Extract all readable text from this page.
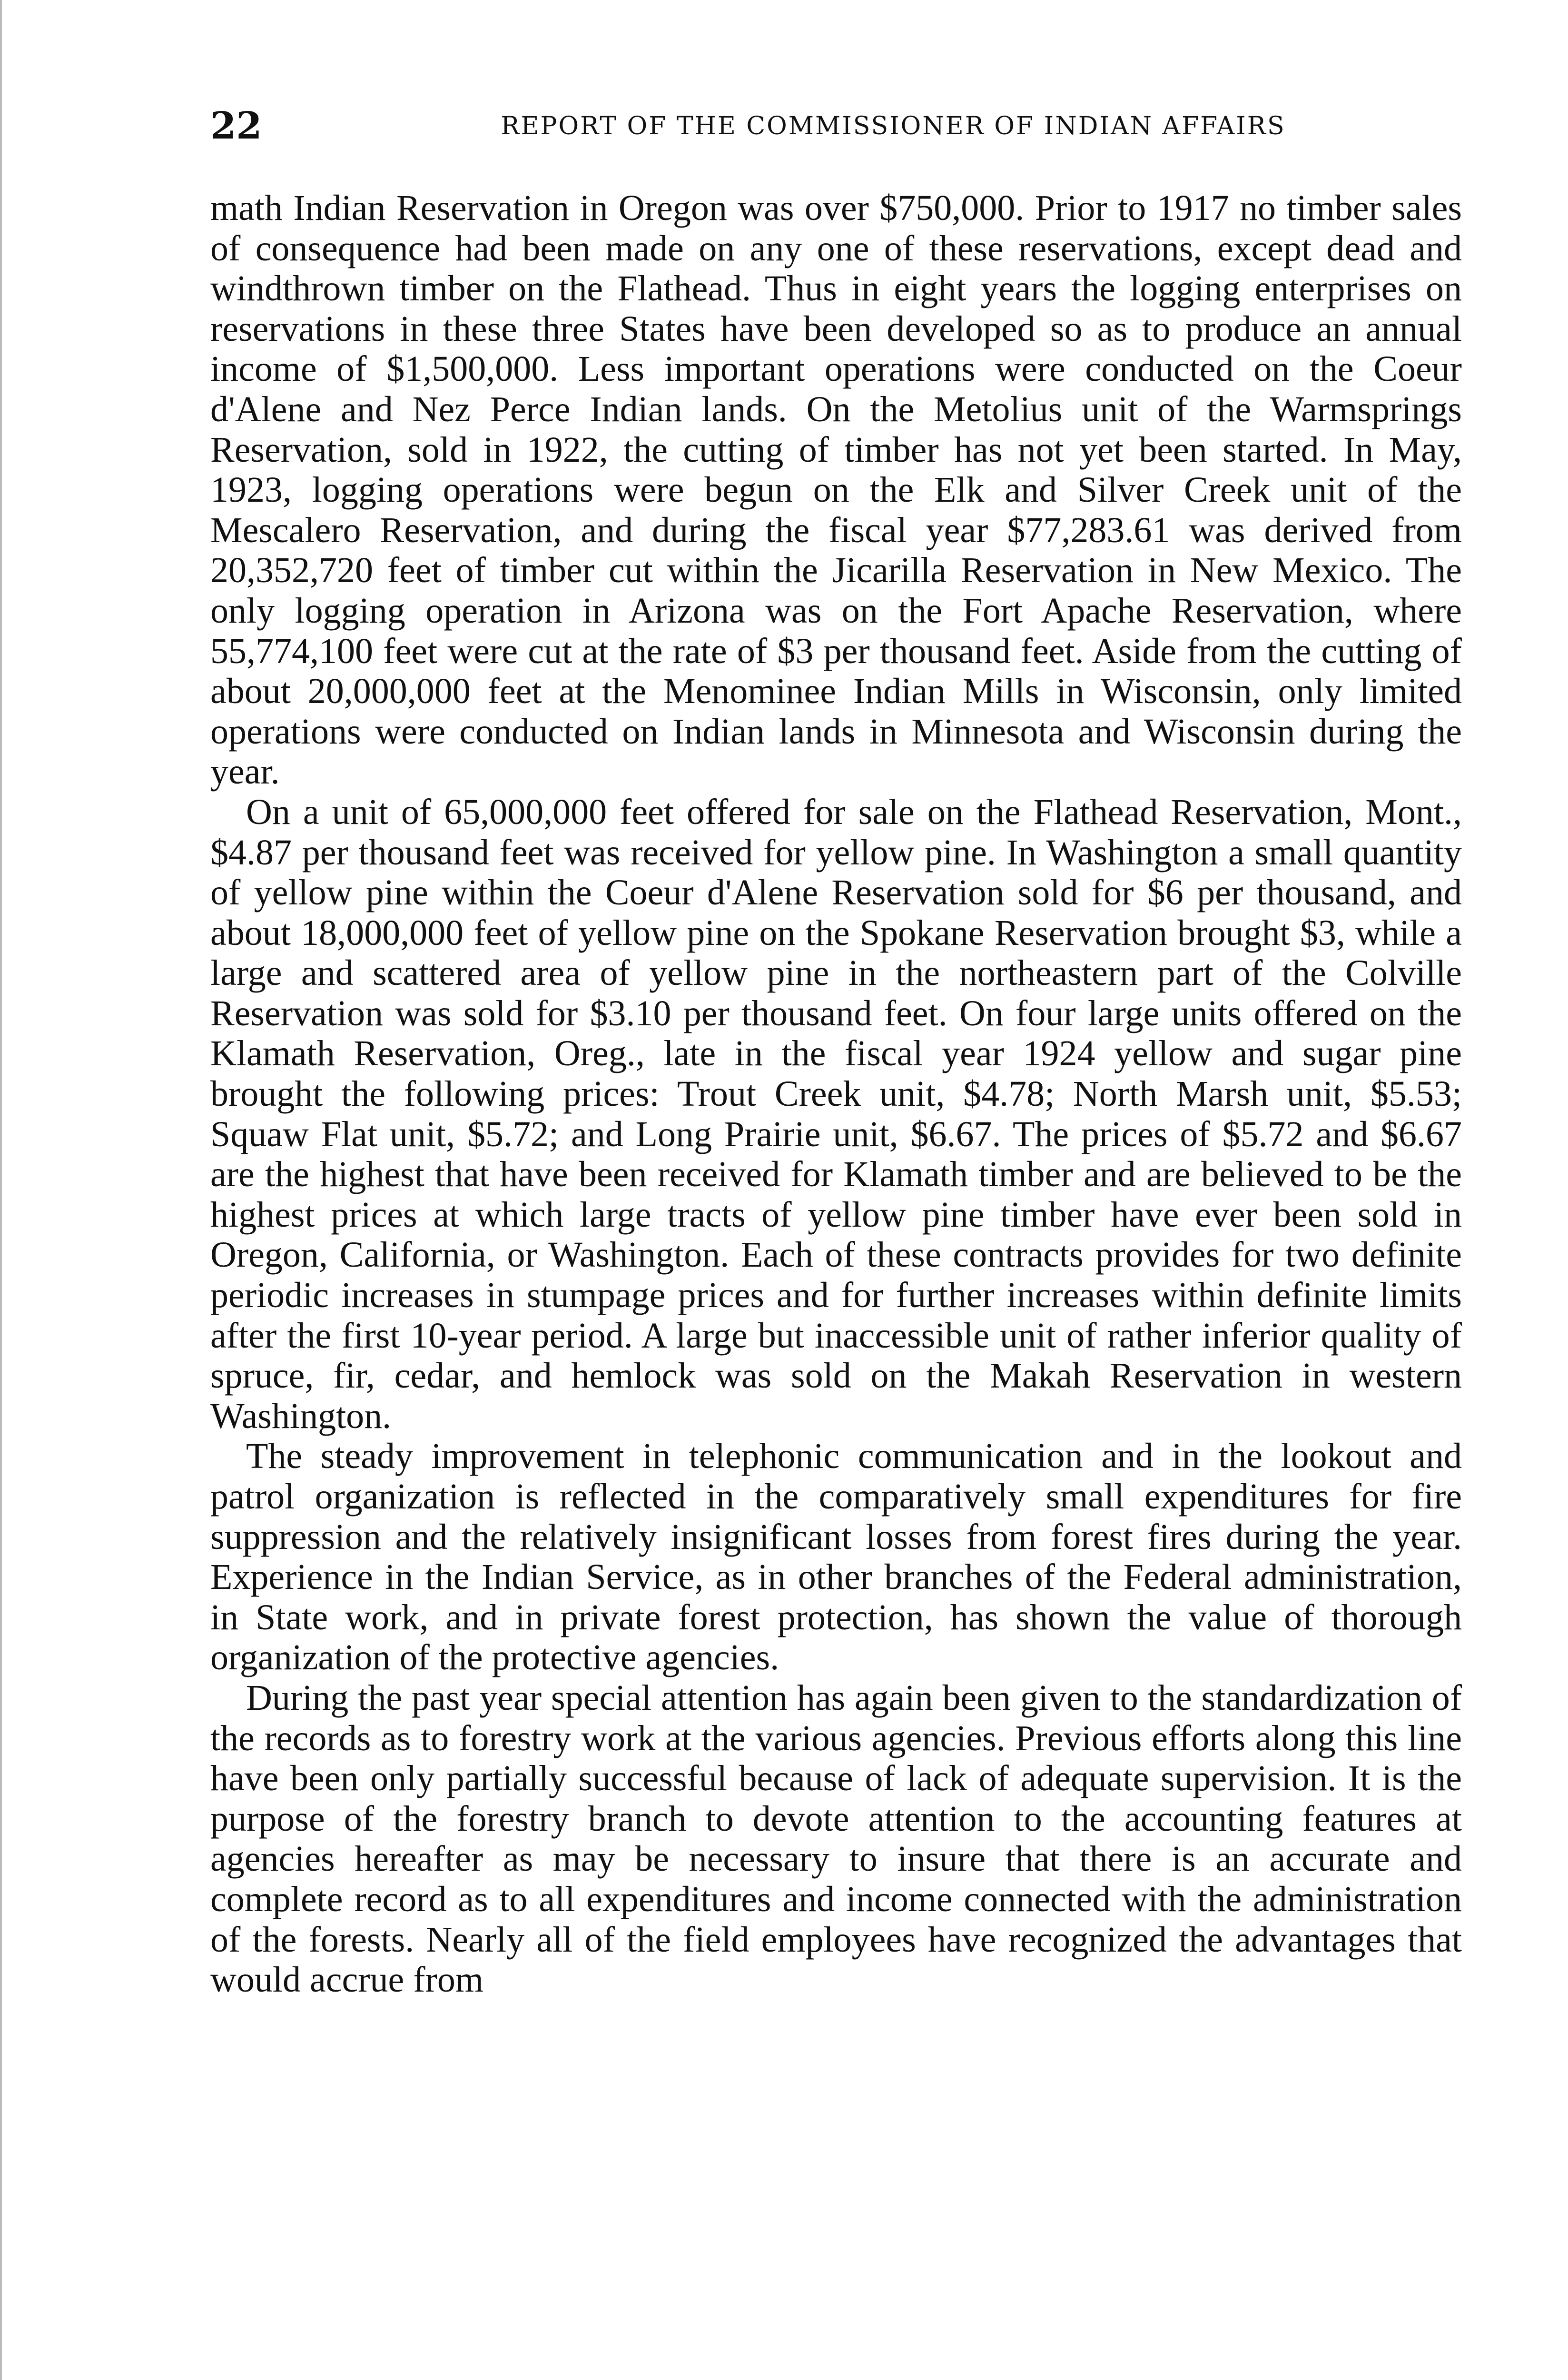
22	REPORT OF THE COMMISSIONER OF INDIAN AFFAIRS

math Indian Reservation in Oregon was over $750,000. Prior to 1917 no timber sales of consequence had been made on any one of these reservations, except dead and windthrown timber on the Flathead. Thus in eight years the logging enterprises on reservations in these three States have been developed so as to produce an annual income of $1,500,000. Less important operations were conducted on the Coeur d'Alene and Nez Perce Indian lands. On the Metolius unit of the Warmsprings Reservation, sold in 1922, the cutting of timber has not yet been started. In May, 1923, logging operations were begun on the Elk and Silver Creek unit of the Mescalero Reservation, and during the fiscal year $77,283.61 was derived from 20,352,720 feet of timber cut within the Jicarilla Reservation in New Mexico. The only logging operation in Arizona was on the Fort Apache Reservation, where 55,774,100 feet were cut at the rate of $3 per thousand feet. Aside from the cutting of about 20,000,000 feet at the Menominee Indian Mills in Wisconsin, only limited operations were conducted on Indian lands in Minnesota and Wisconsin during the year.

On a unit of 65,000,000 feet offered for sale on the Flathead Reservation, Mont., $4.87 per thousand feet was received for yellow pine. In Washington a small quantity of yellow pine within the Coeur d'Alene Reservation sold for $6 per thousand, and about 18,000,000 feet of yellow pine on the Spokane Reservation brought $3, while a large and scattered area of yellow pine in the northeastern part of the Colville Reservation was sold for $3.10 per thousand feet. On four large units offered on the Klamath Reservation, Oreg., late in the fiscal year 1924 yellow and sugar pine brought the following prices: Trout Creek unit, $4.78; North Marsh unit, $5.53; Squaw Flat unit, $5.72; and Long Prairie unit, $6.67. The prices of $5.72 and $6.67 are the highest that have been received for Klamath timber and are believed to be the highest prices at which large tracts of yellow pine timber have ever been sold in Oregon, California, or Washington. Each of these contracts provides for two definite periodic increases in stumpage prices and for further increases within definite limits after the first 10-year period. A large but inaccessible unit of rather inferior quality of spruce, fir, cedar, and hemlock was sold on the Makah Reservation in western Washington.

The steady improvement in telephonic communication and in the lookout and patrol organization is reflected in the comparatively small expenditures for fire suppression and the relatively insignificant losses from forest fires during the year. Experience in the Indian Service, as in other branches of the Federal administration, in State work, and in private forest protection, has shown the value of thorough organization of the protective agencies.

During the past year special attention has again been given to the standardization of the records as to forestry work at the various agencies. Previous efforts along this line have been only partially successful because of lack of adequate supervision. It is the purpose of the forestry branch to devote attention to the accounting features at agencies hereafter as may be necessary to insure that there is an accurate and complete record as to all expenditures and income connected with the administration of the forests. Nearly all of the field employees have recognized the advantages that would accrue from
